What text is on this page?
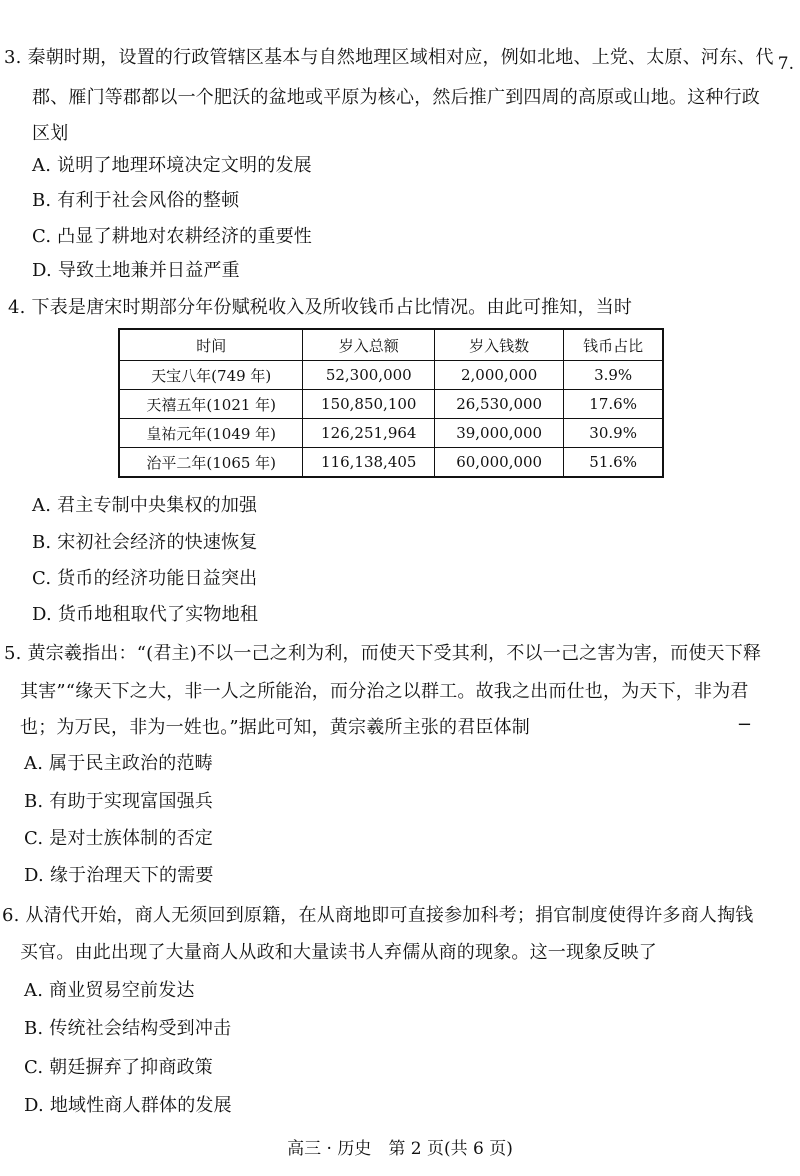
7.
3. 秦朝时期，设置的行政管辖区基本与自然地理区域相对应，例如北地、上党、太原、河东、代
郡、雁门等郡都以一个肥沃的盆地或平原为核心，然后推广到四周的高原或山地。这种行政
区划
A. 说明了地理环境决定文明的发展
B. 有利于社会风俗的整顿
C. 凸显了耕地对农耕经济的重要性
D. 导致土地兼并日益严重
4. 下表是唐宋时期部分年份赋税收入及所收钱币占比情况。由此可推知，当时
时间	岁入总额	岁入钱数	钱币占比
天宝八年(749 年)	52,300,000	2,000,000	3.9%
天禧五年(1021 年)	150,850,100	26,530,000	17.6%
皇祐元年(1049 年)	126,251,964	39,000,000	30.9%
治平二年(1065 年)	116,138,405	60,000,000	51.6%
A. 君主专制中央集权的加强
B. 宋初社会经济的快速恢复
C. 货币的经济功能日益突出
D. 货币地租取代了实物地租
5. 黄宗羲指出：“(君主)不以一己之利为利，而使天下受其利，不以一己之害为害，而使天下释
其害”“缘天下之大，非一人之所能治，而分治之以群工。故我之出而仕也，为天下，非为君
也；为万民，非为一姓也。”据此可知，黄宗羲所主张的君臣体制	−
A. 属于民主政治的范畴
B. 有助于实现富国强兵
C. 是对士族体制的否定
D. 缘于治理天下的需要
6. 从清代开始，商人无须回到原籍，在从商地即可直接参加科考；捐官制度使得许多商人掏钱
买官。由此出现了大量商人从政和大量读书人弃儒从商的现象。这一现象反映了
A. 商业贸易空前发达
B. 传统社会结构受到冲击
C. 朝廷摒弃了抑商政策
D. 地域性商人群体的发展
高三 · 历史　第 2 页(共 6 页)
